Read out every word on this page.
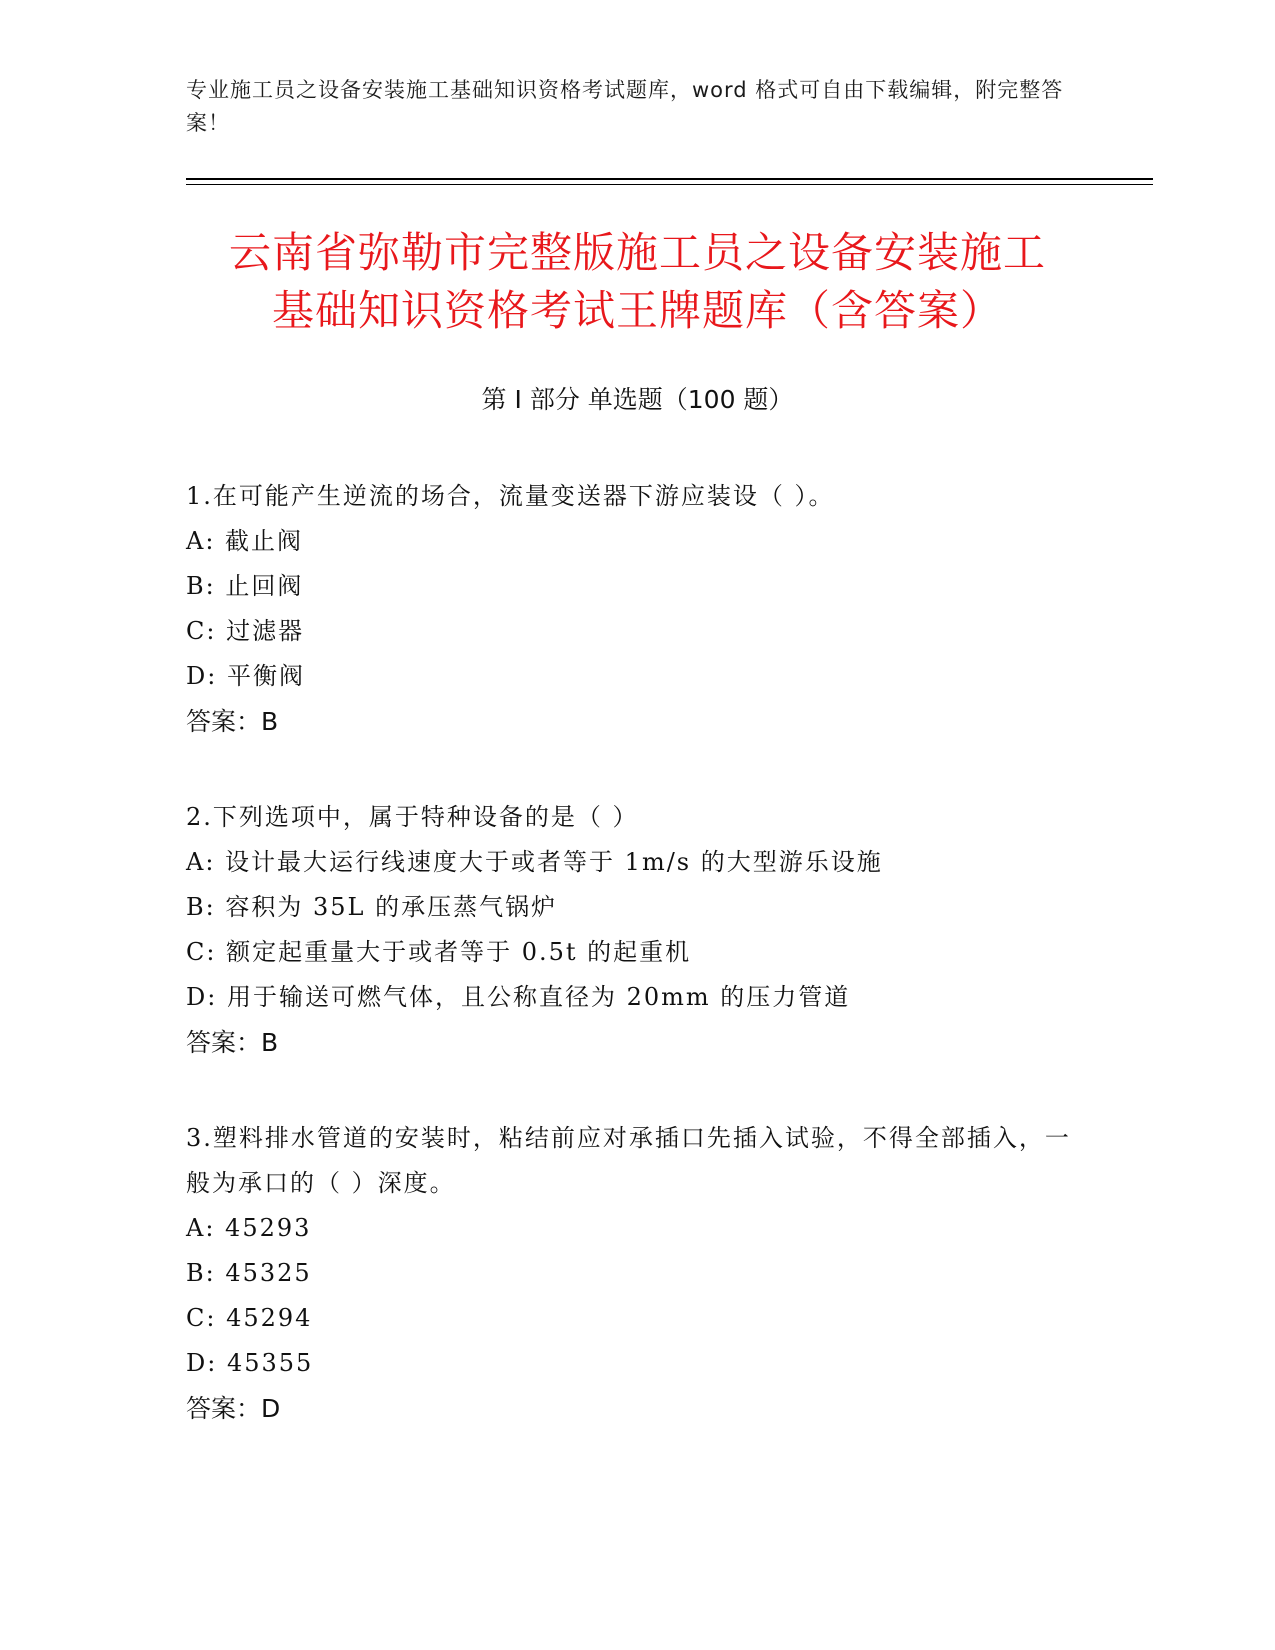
专业施工员之设备安装施工基础知识资格考试题库，word 格式可自由下载编辑，附完整答案！
云南省弥勒市完整版施工员之设备安装施工
基础知识资格考试王牌题库（含答案）
第 I 部分 单选题（100 题）
1.在可能产生逆流的场合，流量变送器下游应装设（ ）。
A: 截止阀
B: 止回阀
C: 过滤器
D: 平衡阀
答案：B
2.下列选项中，属于特种设备的是（ ）
A: 设计最大运行线速度大于或者等于 1m/s 的大型游乐设施
B: 容积为 35L 的承压蒸气锅炉
C: 额定起重量大于或者等于 0.5t 的起重机
D: 用于输送可燃气体，且公称直径为 20mm 的压力管道
答案：B
3.塑料排水管道的安装时，粘结前应对承插口先插入试验，不得全部插入，一般为承口的（ ）深度。
A: 45293
B: 45325
C: 45294
D: 45355
答案：D
